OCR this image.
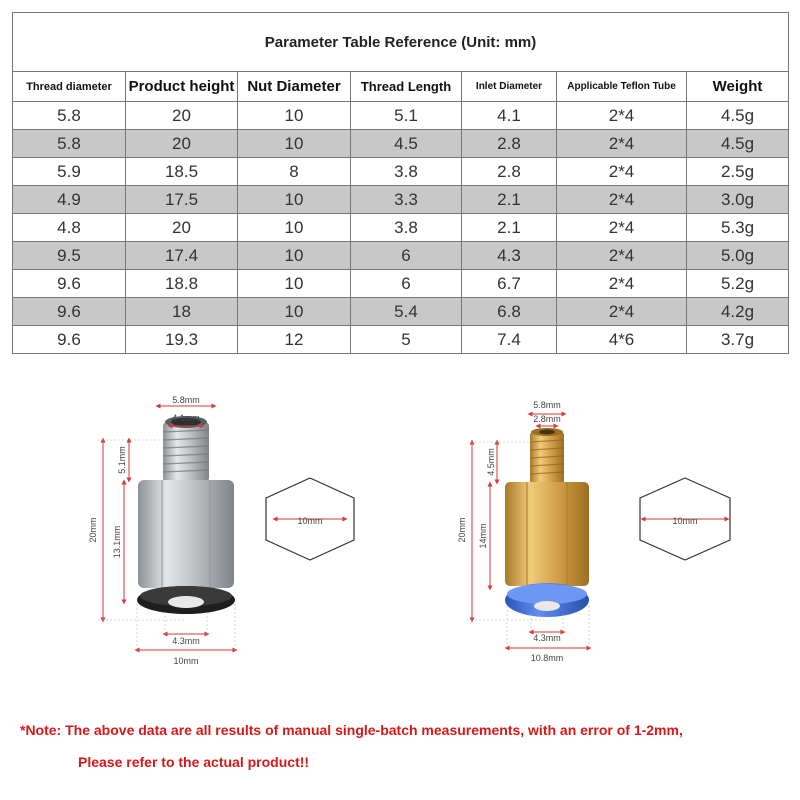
Parameter Table Reference (Unit: mm)						
Thread diameter	Product height	Nut Diameter	Thread Length	Inlet Diameter	Applicable Teflon Tube	Weight
5.8	20	10	5.1	4.1	2*4	4.5g
5.8	20	10	4.5	2.8	2*4	4.5g
5.9	18.5	8	3.8	2.8	2*4	2.5g
4.9	17.5	10	3.3	2.1	2*4	3.0g
4.8	20	10	3.8	2.1	2*4	5.3g
9.5	17.4	10	6	4.3	2*4	5.0g
9.6	18.8	10	6	6.7	2*4	5.2g
9.6	18	10	5.4	6.8	2*4	4.2g
9.6	19.3	12	5	7.4	4*6	3.7g
5.8mm
4.1mm
20mm
5.1mm
13.1mm
4.3mm
10mm
10mm
5.8mm
2.8mm
20mm
4.5mm
14mm
4.3mm
10.8mm
10mm
*Note: The above data are all results of manual single-batch measurements, with an error of 1-2mm,
Please refer to the actual product!!
